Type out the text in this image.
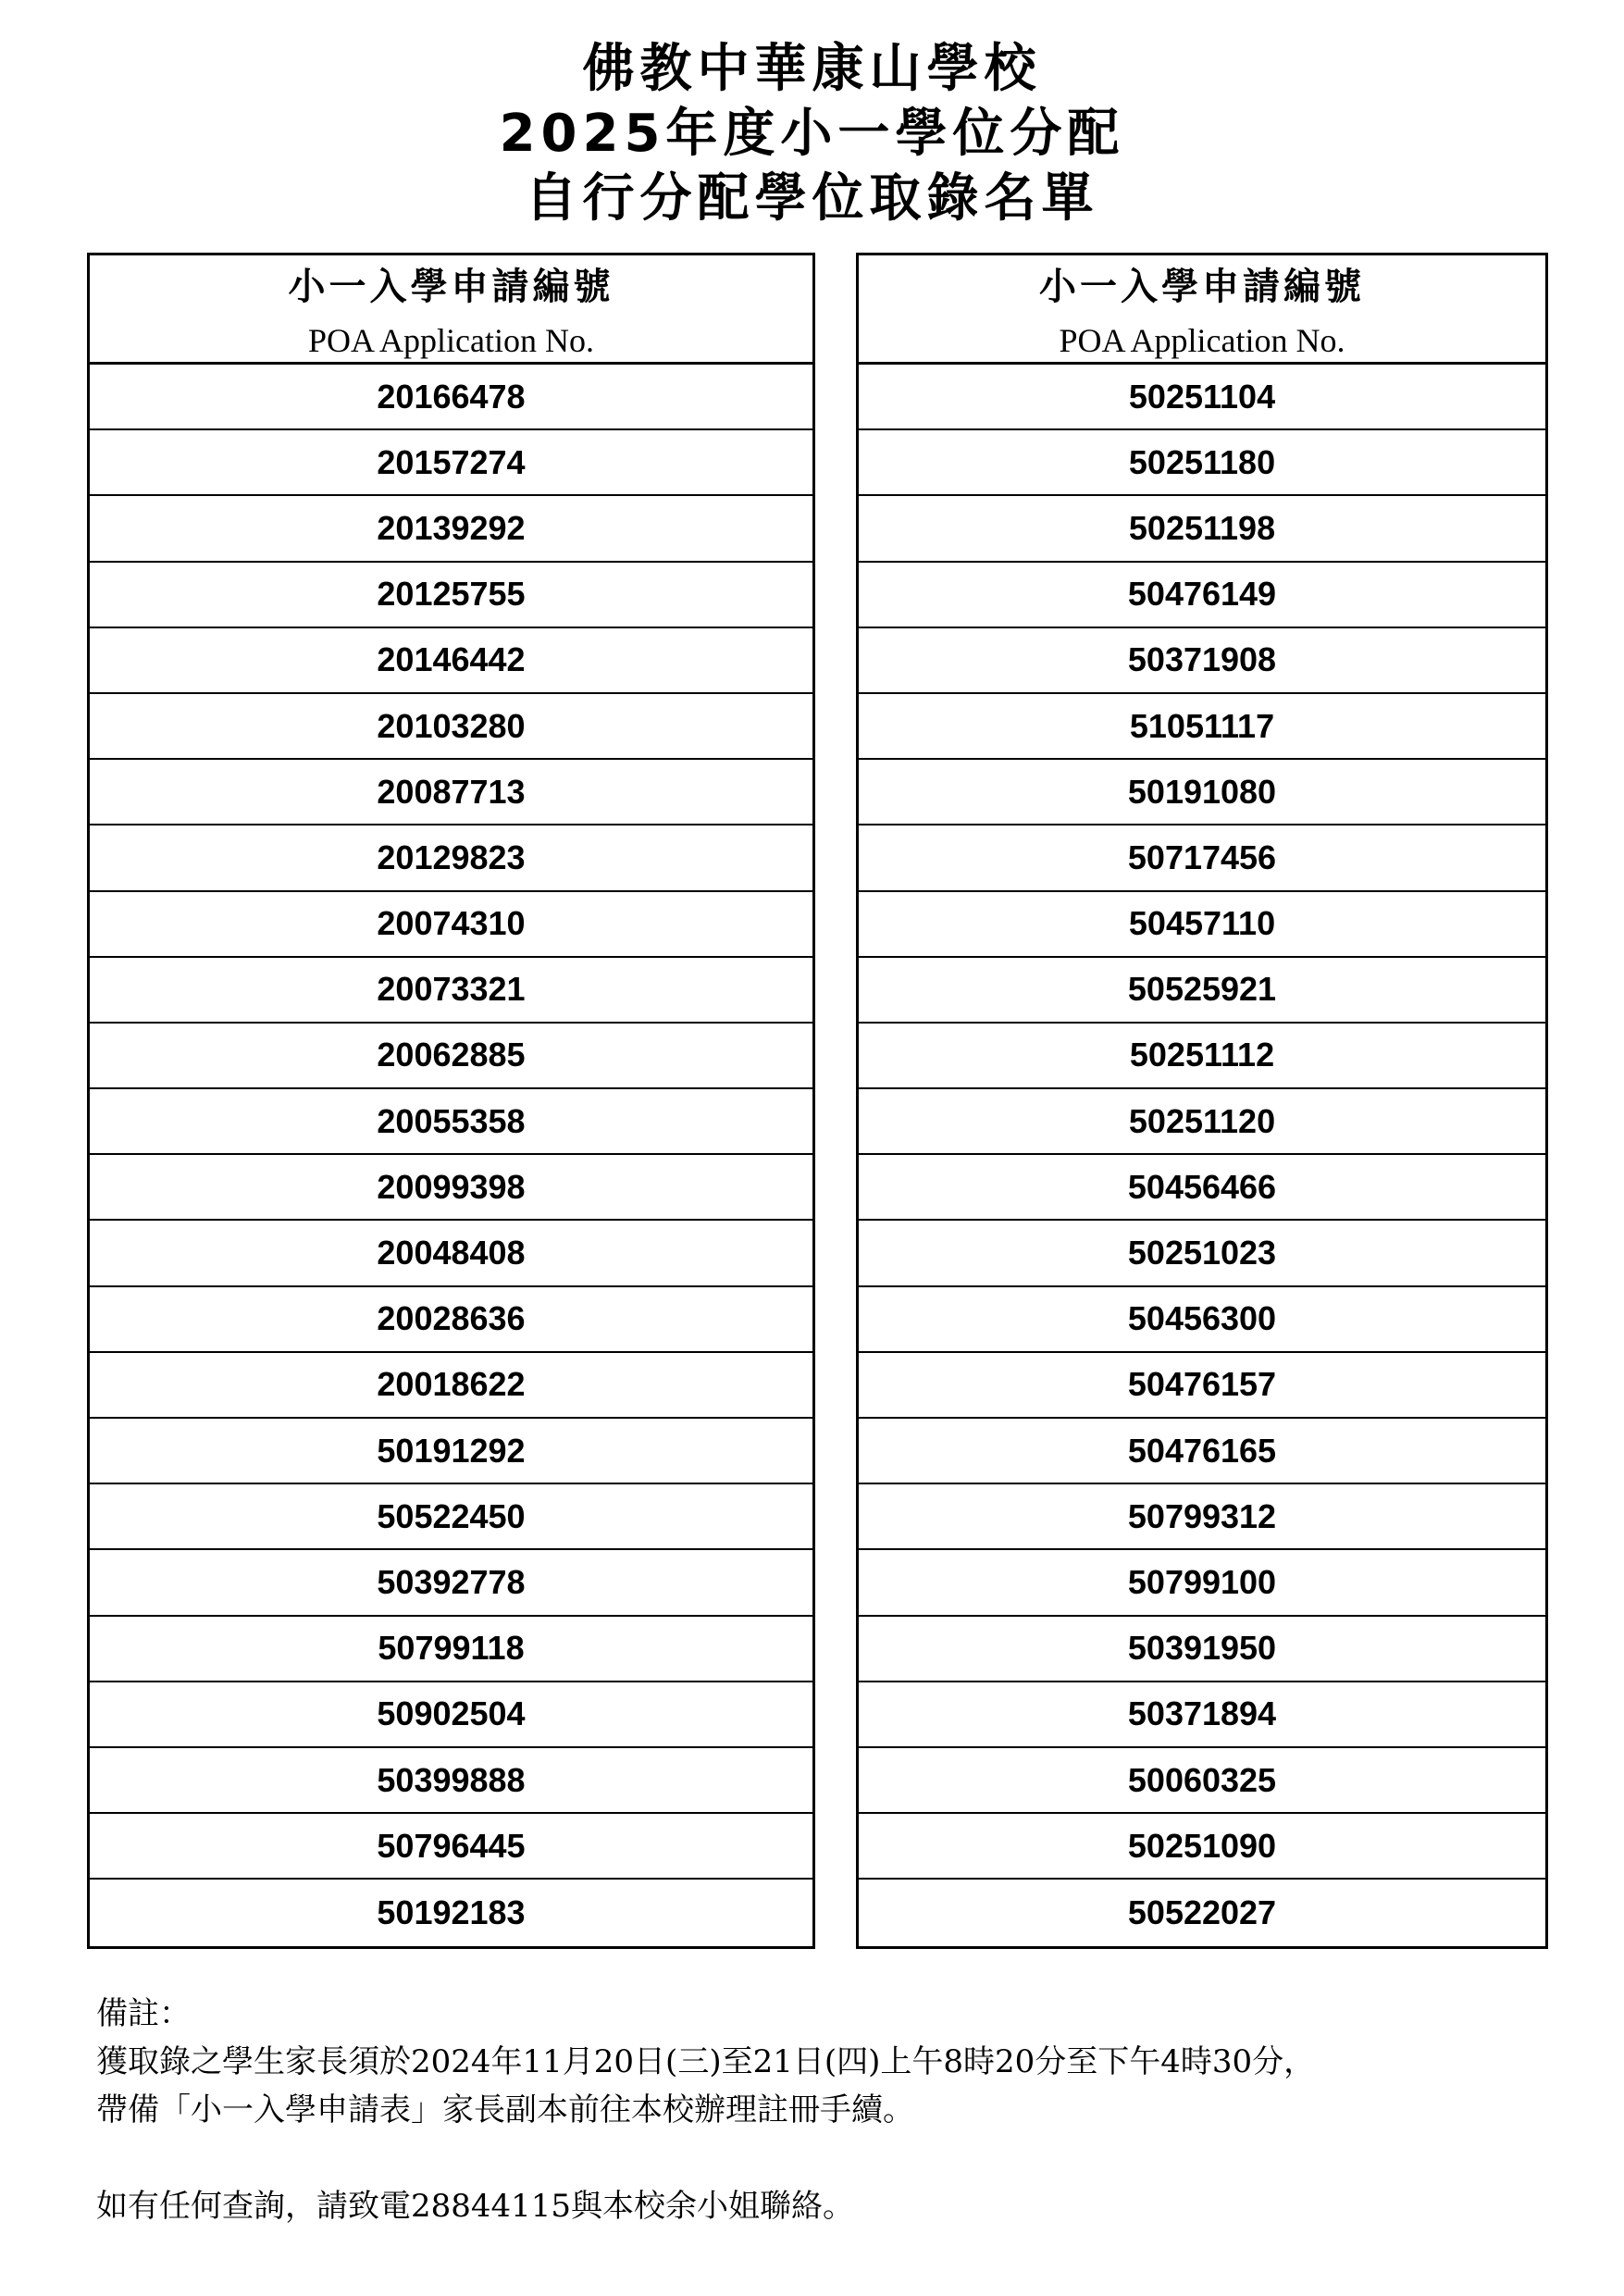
佛教中華康山學校
2025年度小一學位分配
自行分配學位取錄名單
小一入學申請編號
POA Application No.
20166478
20157274
20139292
20125755
20146442
20103280
20087713
20129823
20074310
20073321
20062885
20055358
20099398
20048408
20028636
20018622
50191292
50522450
50392778
50799118
50902504
50399888
50796445
50192183
小一入學申請編號
POA Application No.
50251104
50251180
50251198
50476149
50371908
51051117
50191080
50717456
50457110
50525921
50251112
50251120
50456466
50251023
50456300
50476157
50476165
50799312
50799100
50391950
50371894
50060325
50251090
50522027
備註：
獲取錄之學生家長須於2024年11月20日(三)至21日(四)上午8時20分至下午4時30分，
帶備「小一入學申請表」家長副本前往本校辦理註冊手續。
如有任何查詢，請致電28844115與本校余小姐聯絡。
